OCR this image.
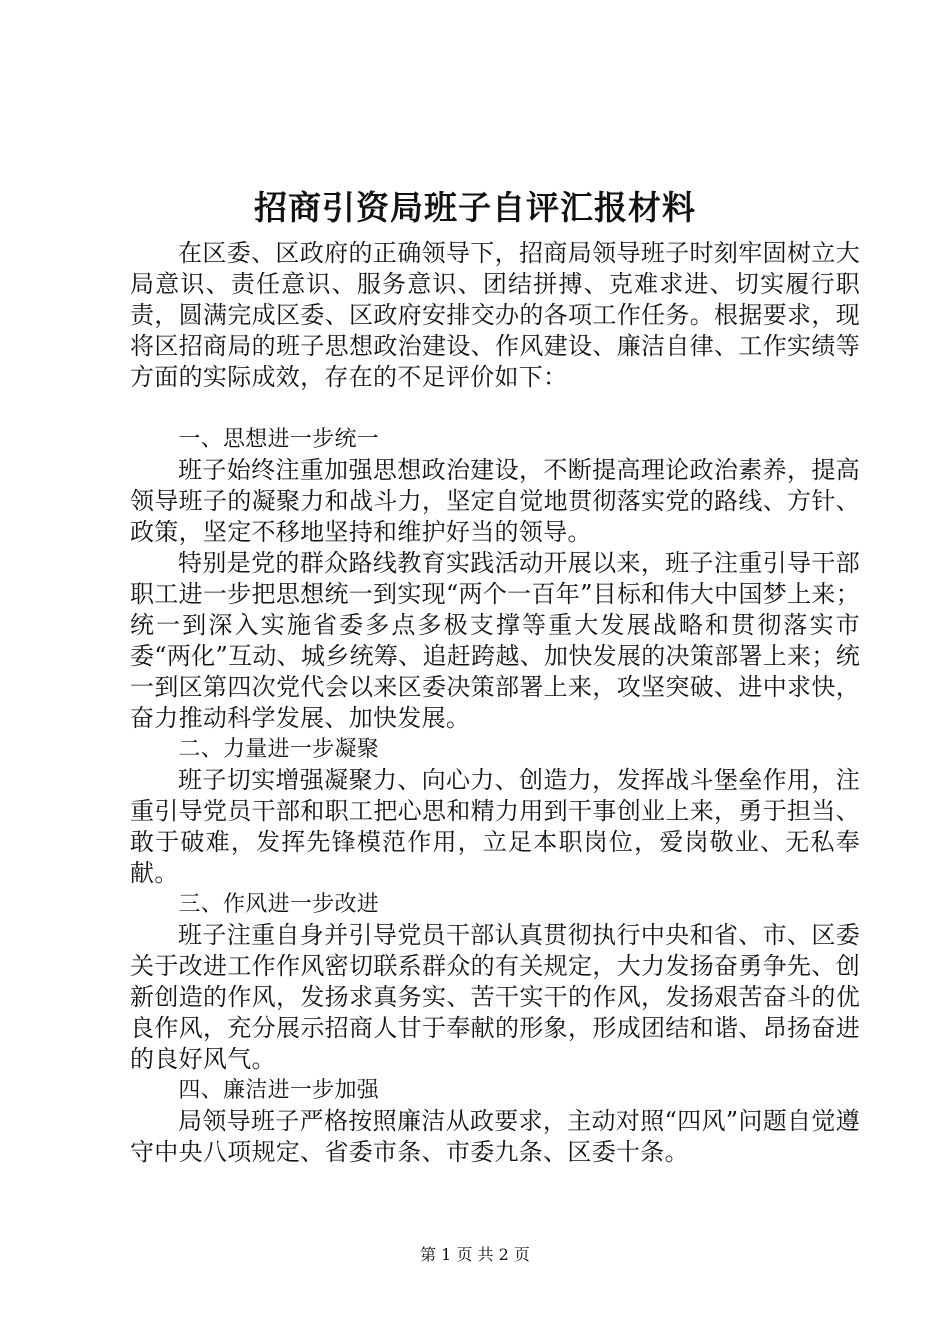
招商引资局班子自评汇报材料

在区委、区政府的正确领导下，招商局领导班子时刻牢固树立大局意识、责任意识、服务意识、团结拼搏、克难求进、切实履行职责，圆满完成区委、区政府安排交办的各项工作任务。根据要求，现将区招商局的班子思想政治建设、作风建设、廉洁自律、工作实绩等方面的实际成效，存在的不足评价如下：

一、思想进一步统一

班子始终注重加强思想政治建设，不断提高理论政治素养，提高领导班子的凝聚力和战斗力，坚定自觉地贯彻落实党的路线、方针、政策，坚定不移地坚持和维护好当的领导。

特别是党的群众路线教育实践活动开展以来，班子注重引导干部职工进一步把思想统一到实现“两个一百年”目标和伟大中国梦上来；统一到深入实施省委多点多极支撑等重大发展战略和贯彻落实市委“两化”互动、城乡统筹、追赶跨越、加快发展的决策部署上来；统一到区第四次党代会以来区委决策部署上来，攻坚突破、进中求快，奋力推动科学发展、加快发展。

二、力量进一步凝聚

班子切实增强凝聚力、向心力、创造力，发挥战斗堡垒作用，注重引导党员干部和职工把心思和精力用到干事创业上来，勇于担当、敢于破难，发挥先锋模范作用，立足本职岗位，爱岗敬业、无私奉献。

三、作风进一步改进

班子注重自身并引导党员干部认真贯彻执行中央和省、市、区委关于改进工作作风密切联系群众的有关规定，大力发扬奋勇争先、创新创造的作风，发扬求真务实、苦干实干的作风，发扬艰苦奋斗的优良作风，充分展示招商人甘于奉献的形象，形成团结和谐、昂扬奋进的良好风气。

四、廉洁进一步加强

局领导班子严格按照廉洁从政要求，主动对照“四风”问题自觉遵守中央八项规定、省委市条、市委九条、区委十条。

第 1 页 共 2 页
